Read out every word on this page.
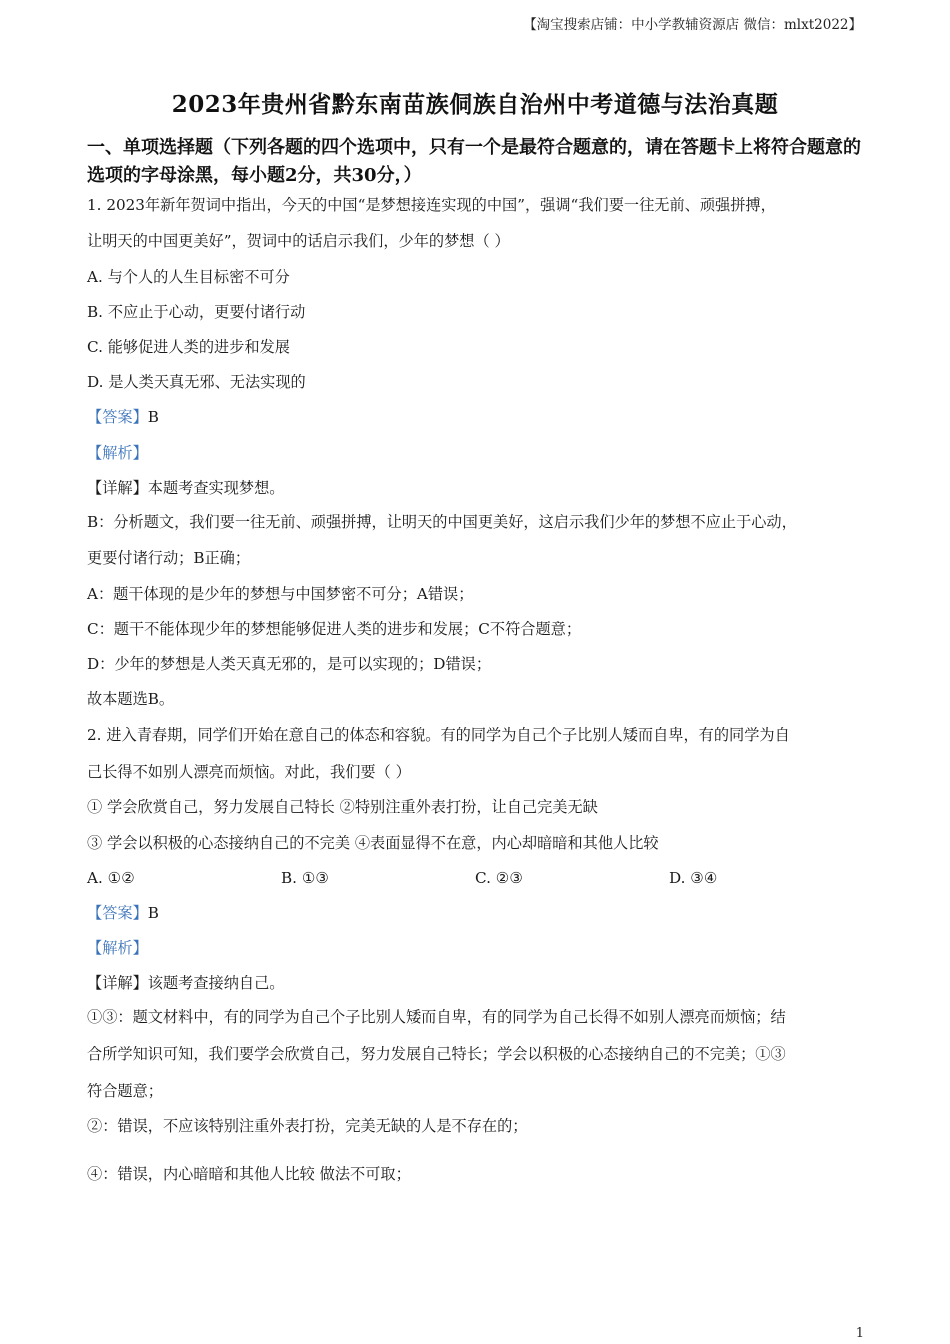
【淘宝搜索店铺：中小学教辅资源店 微信：mlxt2022】
2023年贵州省黔东南苗族侗族自治州中考道德与法治真题
一、单项选择题（下列各题的四个选项中，只有一个是最符合题意的，请在答题卡上将符合题意的选项的字母涂黑，每小题2分，共30分，）
1. 2023年新年贺词中指出，今天的中国“是梦想接连实现的中国”，强调“我们要一往无前、顽强拼搏，
让明天的中国更美好”，贺词中的话启示我们，少年的梦想（ ）
A. 与个人的人生目标密不可分
B. 不应止于心动，更要付诸行动
C. 能够促进人类的进步和发展
D. 是人类天真无邪、无法实现的
【答案】B
【解析】
【详解】本题考查实现梦想。
B：分析题文，我们要一往无前、顽强拼搏，让明天的中国更美好，这启示我们少年的梦想不应止于心动，
更要付诸行动；B正确；
A：题干体现的是少年的梦想与中国梦密不可分；A错误；
C：题干不能体现少年的梦想能够促进人类的进步和发展；C不符合题意；
D：少年的梦想是人类天真无邪的，是可以实现的；D错误；
故本题选B。
2. 进入青春期，同学们开始在意自己的体态和容貌。有的同学为自己个子比别人矮而自卑，有的同学为自
己长得不如别人漂亮而烦恼。对此，我们要（ ）
① 学会欣赏自己，努力发展自己特长 ②特别注重外表打扮，让自己完美无缺
③ 学会以积极的心态接纳自己的不完美 ④表面显得不在意，内心却暗暗和其他人比较
A. ①②	B. ①③	C. ②③	D. ③④
【答案】B
【解析】
【详解】该题考查接纳自己。
①③：题文材料中，有的同学为自己个子比别人矮而自卑，有的同学为自己长得不如别人漂亮而烦恼；结
合所学知识可知，我们要学会欣赏自己，努力发展自己特长；学会以积极的心态接纳自己的不完美；①③
符合题意；
②：错误，不应该特别注重外表打扮，完美无缺的人是不存在的；
④：错误，内心暗暗和其他人比较 做法不可取；
1
